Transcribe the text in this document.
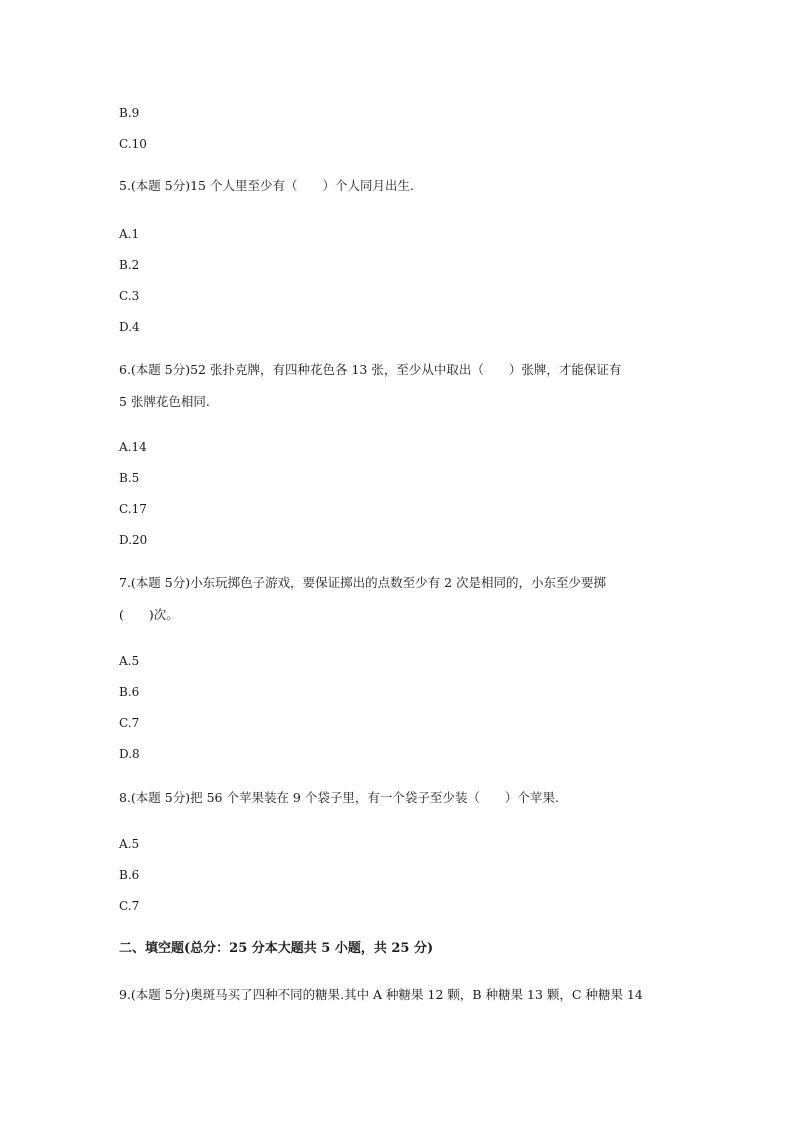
B.9
C.10
5.(本题 5分)15 个人里至少有（　　）个人同月出生.
A.1
B.2
C.3
D.4
6.(本题 5分)52 张扑克牌，有四种花色各 13 张，至少从中取出（　　）张牌，才能保证有
5 张牌花色相同.
A.14
B.5
C.17
D.20
7.(本题 5分)小东玩掷色子游戏，要保证掷出的点数至少有 2 次是相同的，小东至少要掷
(　　)次。
A.5
B.6
C.7
D.8
8.(本题 5分)把 56 个苹果装在 9 个袋子里，有一个袋子至少装（　　）个苹果.
A.5
B.6
C.7
二、填空题(总分：25 分本大题共 5 小题，共 25 分)
9.(本题 5分)奥斑马买了四种不同的糖果.其中 A 种糖果 12 颗，B 种糖果 13 颗，C 种糖果 14
